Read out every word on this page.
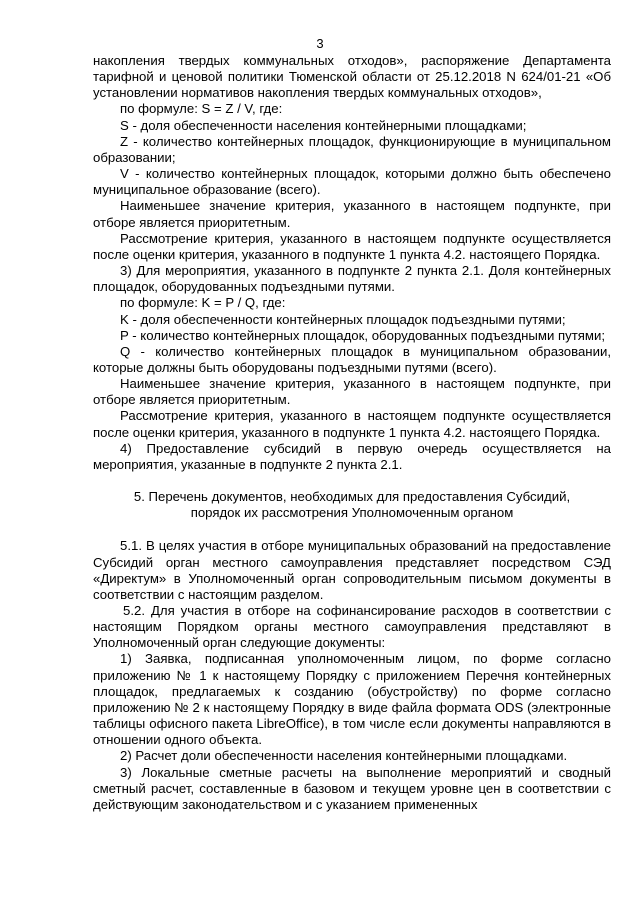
3

накопления твердых коммунальных отходов», распоряжение Департамента тарифной и ценовой политики Тюменской области от 25.12.2018 N 624/01-21 «Об установлении нормативов накопления твердых коммунальных отходов»,

по формуле: S = Z / V, где:

S - доля обеспеченности населения контейнерными площадками;

Z - количество контейнерных площадок, функционирующие в муниципальном образовании;

V - количество контейнерных площадок, которыми должно быть обеспечено муниципальное образование (всего).

Наименьшее значение критерия, указанного в настоящем подпункте, при отборе является приоритетным.

Рассмотрение критерия, указанного в настоящем подпункте осуществляется после оценки критерия, указанного в подпункте 1 пункта 4.2. настоящего Порядка.

3) Для мероприятия, указанного в подпункте 2 пункта 2.1. Доля контейнерных площадок, оборудованных подъездными путями.

по формуле: K = P / Q, где:

K - доля обеспеченности контейнерных площадок подъездными путями;

P - количество контейнерных площадок, оборудованных подъездными путями;

Q - количество контейнерных площадок в муниципальном образовании, которые должны быть оборудованы подъездными путями (всего).

Наименьшее значение критерия, указанного в настоящем подпункте, при отборе является приоритетным.

Рассмотрение критерия, указанного в настоящем подпункте осуществляется после оценки критерия, указанного в подпункте 1 пункта 4.2. настоящего Порядка.

4) Предоставление субсидий в первую очередь осуществляется на мероприятия, указанные в подпункте 2 пункта 2.1.

5. Перечень документов, необходимых для предоставления Субсидий,

порядок их рассмотрения Уполномоченным органом

5.1. В целях участия в отборе муниципальных образований на предоставление Субсидий орган местного самоуправления представляет посредством СЭД «Директум» в Уполномоченный орган сопроводительным письмом документы в соответствии с настоящим разделом.

5.2. Для участия в отборе на софинансирование расходов в соответствии с настоящим Порядком органы местного самоуправления представляют в Уполномоченный орган следующие документы:

1) Заявка, подписанная уполномоченным лицом, по форме согласно приложению № 1 к настоящему Порядку с приложением Перечня контейнерных площадок, предлагаемых к созданию (обустройству) по форме согласно приложению № 2 к настоящему Порядку в виде файла формата ODS (электронные таблицы офисного пакета LibreOffice), в том числе если документы направляются в отношении одного объекта.

2) Расчет доли обеспеченности населения контейнерными площадками.

3) Локальные сметные расчеты на выполнение мероприятий и сводный сметный расчет, составленные в базовом и текущем уровне цен в соответствии с действующим законодательством и с указанием примененных
